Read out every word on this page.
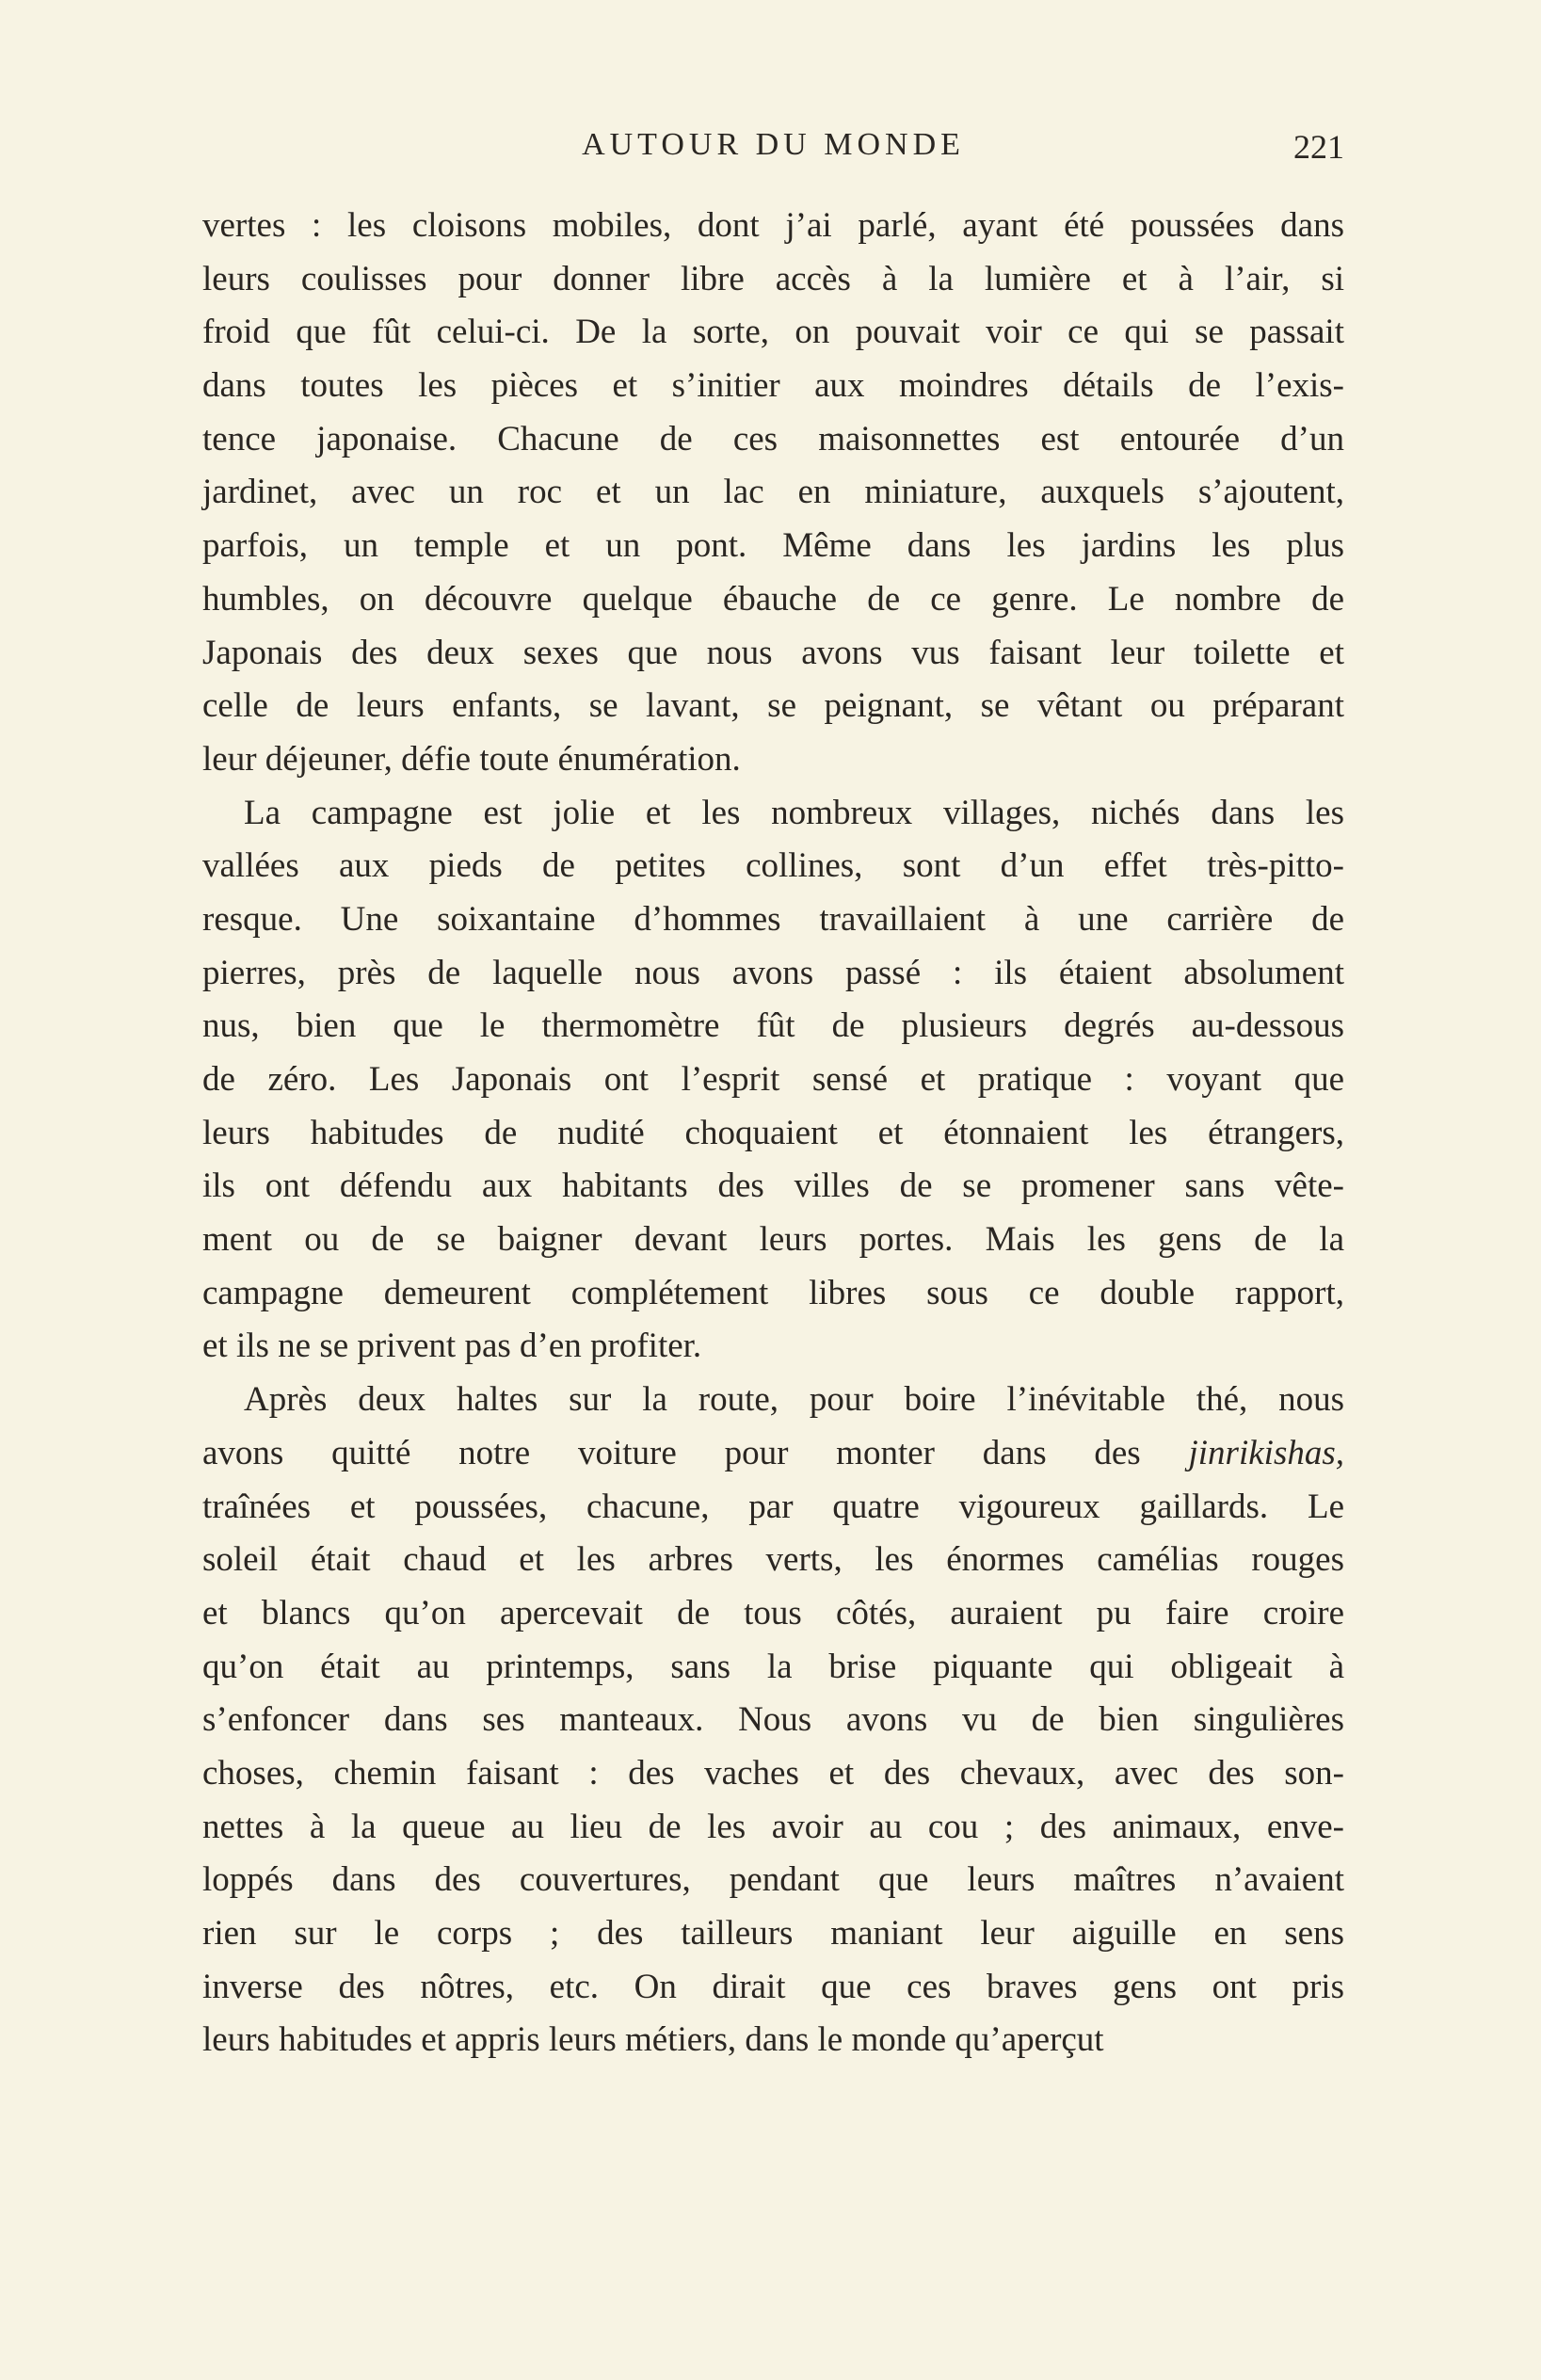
AUTOUR DU MONDE	221
vertes : les cloisons mobiles, dont j’ai parlé, ayant été poussées dans
leurs coulisses pour donner libre accès à la lumière et à l’air, si
froid que fût celui-ci. De la sorte, on pouvait voir ce qui se passait
dans toutes les pièces et s’initier aux moindres détails de l’exis-
tence japonaise. Chacune de ces maisonnettes est entourée d’un
jardinet, avec un roc et un lac en miniature, auxquels s’ajoutent,
parfois, un temple et un pont. Même dans les jardins les plus
humbles, on découvre quelque ébauche de ce genre. Le nombre de
Japonais des deux sexes que nous avons vus faisant leur toilette et
celle de leurs enfants, se lavant, se peignant, se vêtant ou préparant
leur déjeuner, défie toute énumération.
La campagne est jolie et les nombreux villages, nichés dans les
vallées aux pieds de petites collines, sont d’un effet très-pitto-
resque. Une soixantaine d’hommes travaillaient à une carrière de
pierres, près de laquelle nous avons passé : ils étaient absolument
nus, bien que le thermomètre fût de plusieurs degrés au-dessous
de zéro. Les Japonais ont l’esprit sensé et pratique : voyant que
leurs habitudes de nudité choquaient et étonnaient les étrangers,
ils ont défendu aux habitants des villes de se promener sans vête-
ment ou de se baigner devant leurs portes. Mais les gens de la
campagne demeurent complétement libres sous ce double rapport,
et ils ne se privent pas d’en profiter.
Après deux haltes sur la route, pour boire l’inévitable thé, nous
avons quitté notre voiture pour monter dans des jinrikishas,
traînées et poussées, chacune, par quatre vigoureux gaillards. Le
soleil était chaud et les arbres verts, les énormes camélias rouges
et blancs qu’on apercevait de tous côtés, auraient pu faire croire
qu’on était au printemps, sans la brise piquante qui obligeait à
s’enfoncer dans ses manteaux. Nous avons vu de bien singulières
choses, chemin faisant : des vaches et des chevaux, avec des son-
nettes à la queue au lieu de les avoir au cou ; des animaux, enve-
loppés dans des couvertures, pendant que leurs maîtres n’avaient
rien sur le corps ; des tailleurs maniant leur aiguille en sens
inverse des nôtres, etc. On dirait que ces braves gens ont pris
leurs habitudes et appris leurs métiers, dans le monde qu’aperçut
